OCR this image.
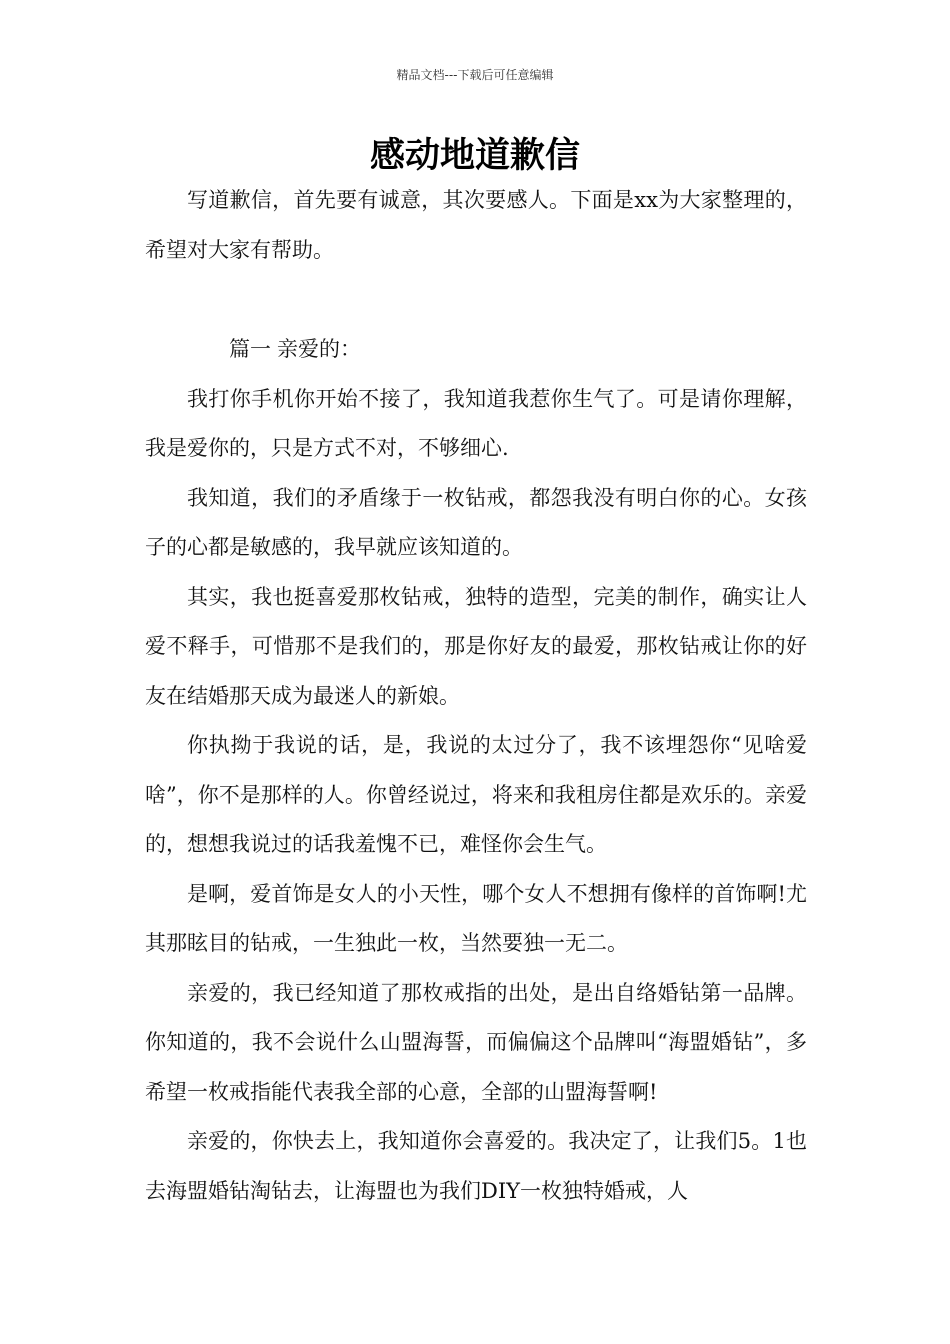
精品文档---下载后可任意编辑
感动地道歉信

写道歉信，首先要有诚意，其次要感人。下面是xx为大家整理的，希望对大家有帮助。

篇一 亲爱的：

我打你手机你开始不接了，我知道我惹你生气了。可是请你理解，我是爱你的，只是方式不对，不够细心.

我知道，我们的矛盾缘于一枚钻戒，都怨我没有明白你的心。女孩子的心都是敏感的，我早就应该知道的。

其实，我也挺喜爱那枚钻戒，独特的造型，完美的制作，确实让人爱不释手，可惜那不是我们的，那是你好友的最爱，那枚钻戒让你的好友在结婚那天成为最迷人的新娘。

你执拗于我说的话，是，我说的太过分了，我不该埋怨你“见啥爱啥”，你不是那样的人。你曾经说过，将来和我租房住都是欢乐的。亲爱的，想想我说过的话我羞愧不已，难怪你会生气。

是啊，爱首饰是女人的小天性，哪个女人不想拥有像样的首饰啊!尤其那眩目的钻戒，一生独此一枚，当然要独一无二。

亲爱的，我已经知道了那枚戒指的出处，是出自络婚钻第一品牌。你知道的，我不会说什么山盟海誓，而偏偏这个品牌叫“海盟婚钻”，多希望一枚戒指能代表我全部的心意，全部的山盟海誓啊!

亲爱的，你快去上，我知道你会喜爱的。我决定了，让我们5。1也去海盟婚钻淘钻去，让海盟也为我们DIY一枚独特婚戒，人
